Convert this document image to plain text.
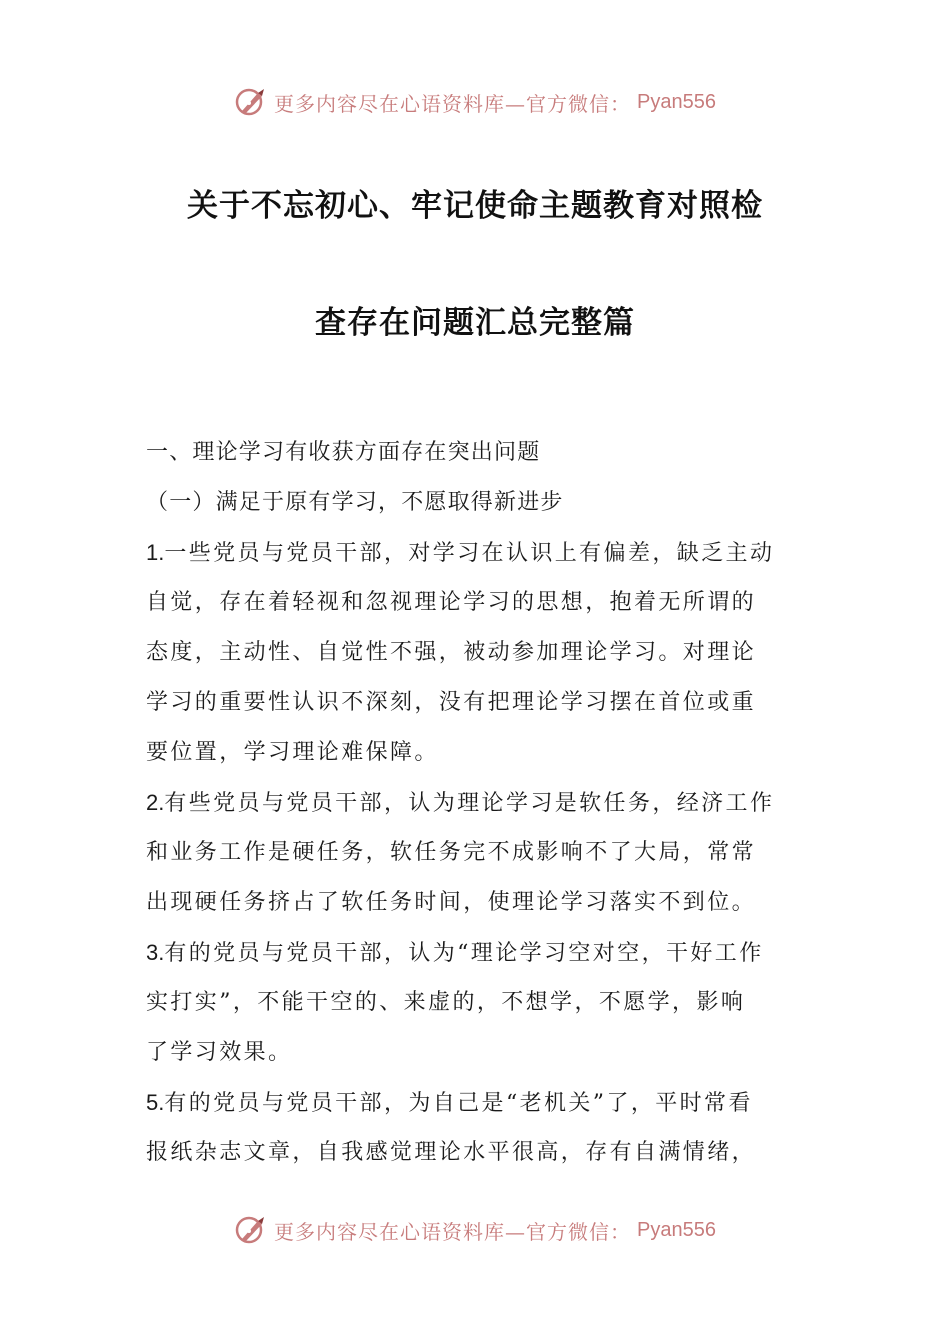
更多内容尽在心语资料库—官方微信： Pyan556
关于不忘初心、牢记使命主题教育对照检
查存在问题汇总完整篇
一、理论学习有收获方面存在突出问题
（一）满足于原有学习，不愿取得新进步
1.一些党员与党员干部，对学习在认识上有偏差，缺乏主动
自觉，存在着轻视和忽视理论学习的思想，抱着无所谓的
态度，主动性、自觉性不强，被动参加理论学习。对理论
学习的重要性认识不深刻，没有把理论学习摆在首位或重
要位置，学习理论难保障。
2.有些党员与党员干部，认为理论学习是软任务，经济工作
和业务工作是硬任务，软任务完不成影响不了大局，常常
出现硬任务挤占了软任务时间，使理论学习落实不到位。
3.有的党员与党员干部，认为“理论学习空对空，干好工作
实打实”，不能干空的、来虚的，不想学，不愿学，影响
了学习效果。
5.有的党员与党员干部，为自己是“老机关”了，平时常看
报纸杂志文章，自我感觉理论水平很高，存有自满情绪，
更多内容尽在心语资料库—官方微信： Pyan556
